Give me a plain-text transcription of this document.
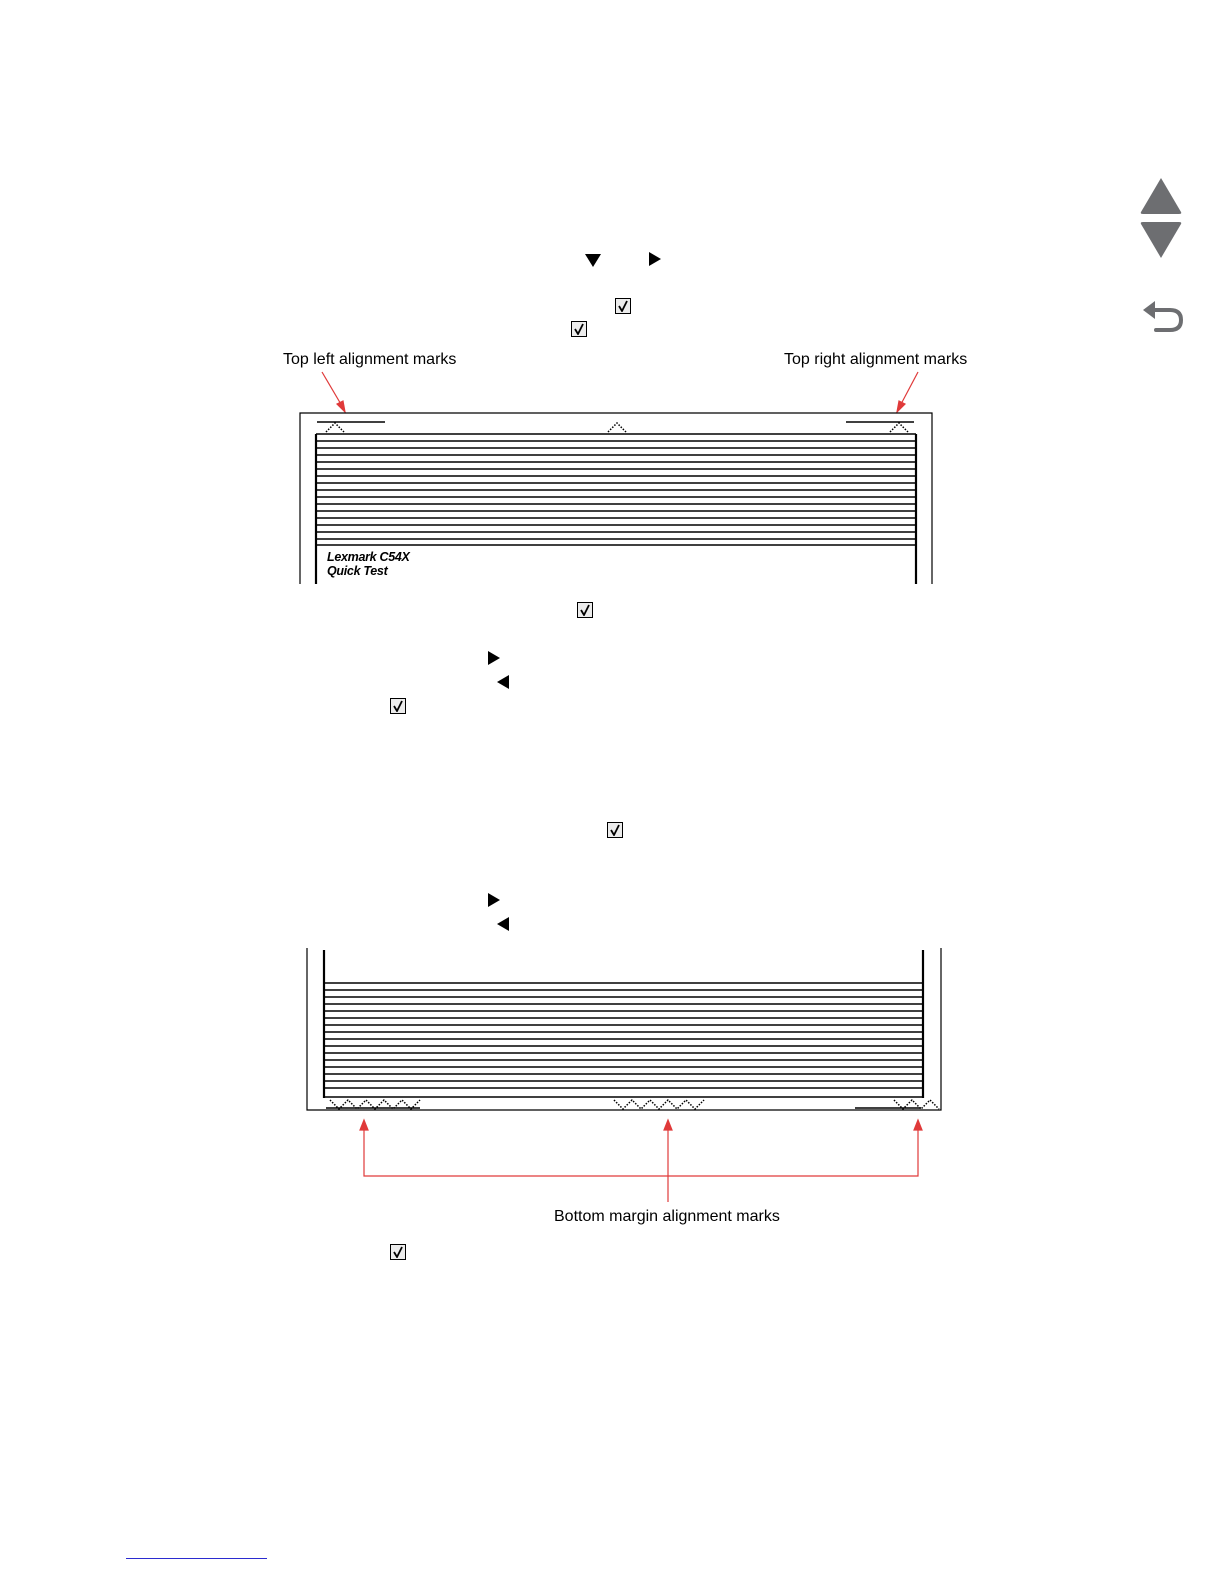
Top left alignment marks	Top right alignment marks
Lexmark C54X
Quick Test
Bottom margin alignment marks
